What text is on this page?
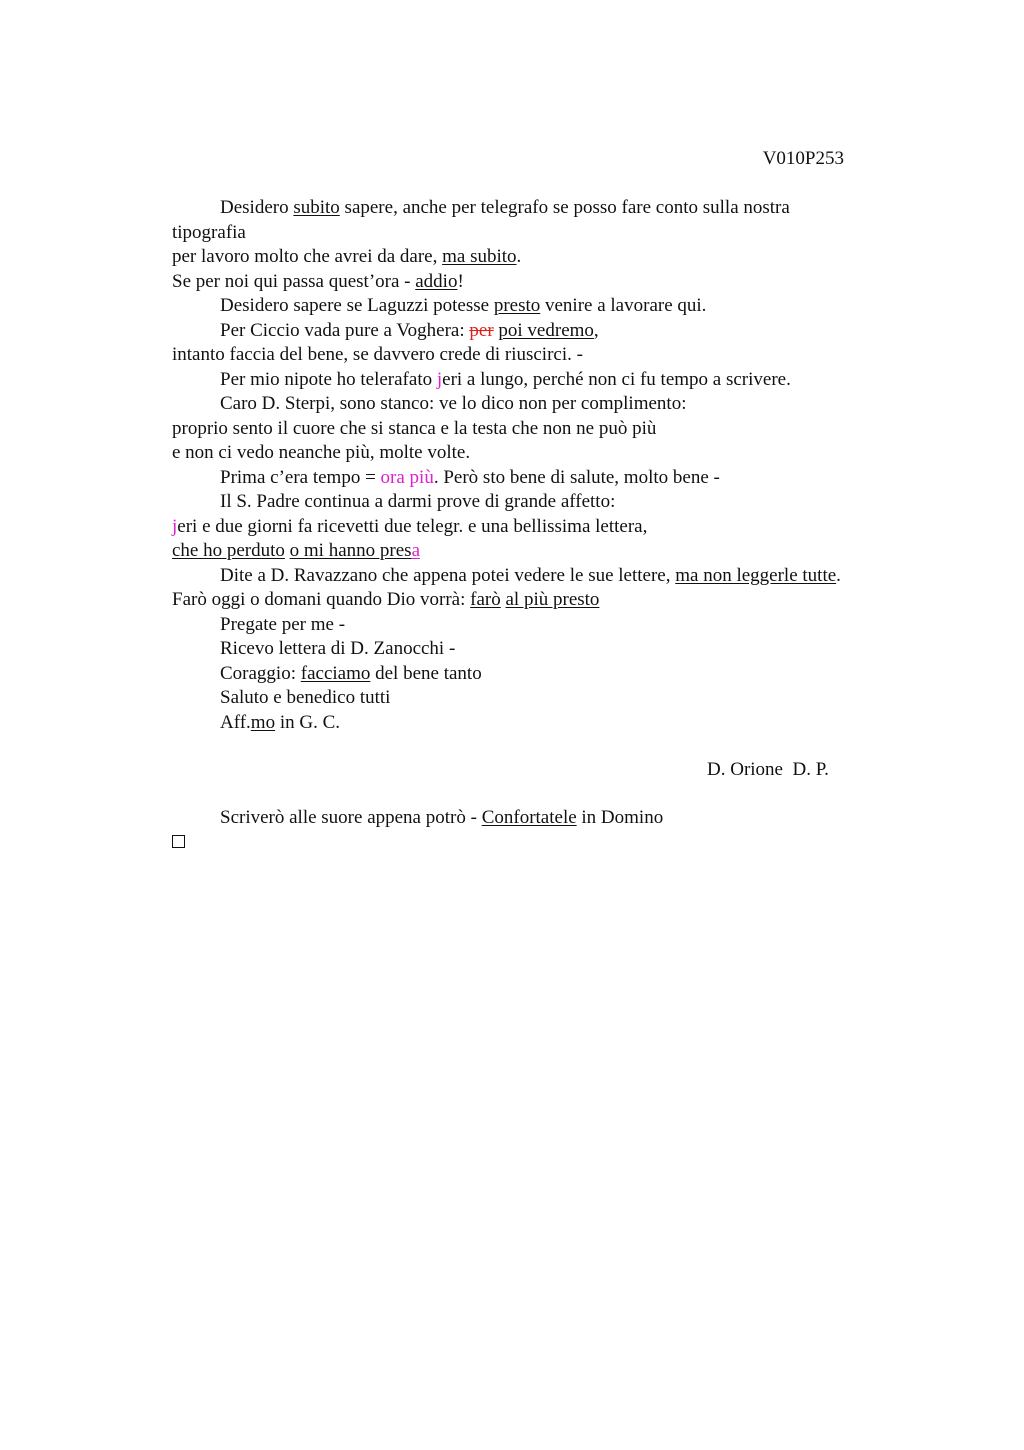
V010P253
Desidero subito sapere, anche per telegrafo se posso fare conto sulla nostra
tipografia
per lavoro molto che avrei da dare, ma subito.
Se per noi qui passa quest’ora - addio!
Desidero sapere se Laguzzi potesse presto venire a lavorare qui.
Per Ciccio vada pure a Voghera: per poi vedremo,
intanto faccia del bene, se davvero crede di riuscirci. -
Per mio nipote ho telerafato jeri a lungo, perché non ci fu tempo a scrivere.
Caro D. Sterpi, sono stanco: ve lo dico non per complimento:
proprio sento il cuore che si stanca e la testa che non ne può più
e non ci vedo neanche più, molte volte.
Prima c’era tempo = ora più. Però sto bene di salute, molto bene -
Il S. Padre continua a darmi prove di grande affetto:
jeri e due giorni fa ricevetti due telegr. e una bellissima lettera,
che ho perduto o mi hanno presa
Dite a D. Ravazzano che appena potei vedere le sue lettere, ma non leggerle tutte.
Farò oggi o domani quando Dio vorrà: farò al più presto
Pregate per me -
Ricevo lettera di D. Zanocchi -
Coraggio: facciamo del bene tanto
Saluto e benedico tutti
Aff.mo in G. C.
D. Orione  D. P.
Scriverò alle suore appena potrò - Confortatele in Domino
